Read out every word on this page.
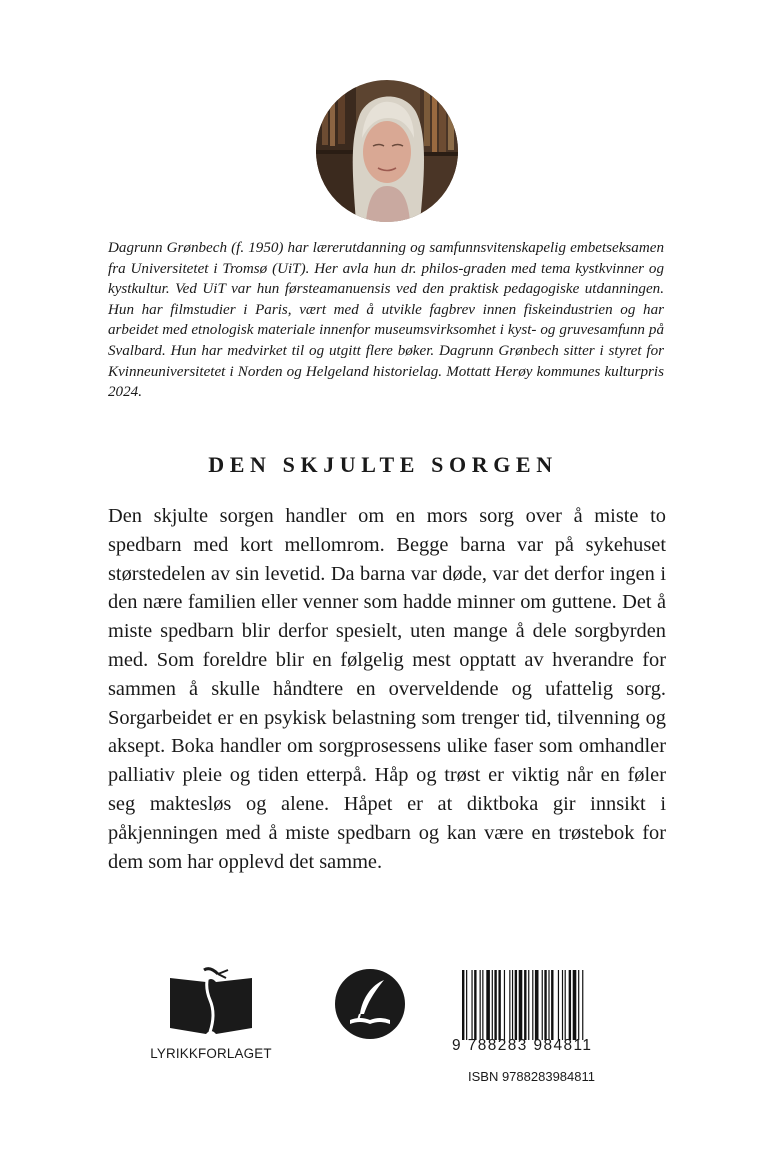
Dagrunn Grønbech (f. 1950) har lærerutdanning og samfunnsvitenskapelig embetseksamen fra Universitetet i Tromsø (UiT). Her avla hun dr. philos-graden med tema kystkvinner og kystkultur. Ved UiT var hun førsteamanuensis ved den praktisk pedagogiske utdanningen. Hun har filmstudier i Paris, vært med å utvikle fagbrev innen fiskeindustrien og har arbeidet med etnologisk materiale innenfor museumsvirksomhet i kyst- og gruvesamfunn på Svalbard. Hun har medvirket til og utgitt flere bøker. Dagrunn Grønbech sitter i styret for Kvinneuniversitetet i Norden og Helgeland historielag. Mottatt Herøy kommunes kulturpris 2024.

DEN SKJULTE SORGEN

Den skjulte sorgen handler om en mors sorg over å miste to spedbarn med kort mellomrom. Begge barna var på sykehuset størstedelen av sin levetid. Da barna var døde, var det derfor ingen i den nære familien eller venner som hadde minner om guttene. Det å miste spedbarn blir derfor spesielt, uten mange å dele sorgbyrden med. Som foreldre blir en følgelig mest opptatt av hverandre for sammen å skulle håndtere en overveldende og ufattelig sorg. Sorgarbeidet er en psykisk belastning som trenger tid, tilvenning og aksept. Boka handler om sorgprosessens ulike faser som omhandler palliativ pleie og tiden etterpå. Håp og trøst er viktig når en føler seg maktesløs og alene. Håpet er at diktboka gir innsikt i påkjenningen med å miste spedbarn og kan være en trøstebok for dem som har opplevd det samme.

LYRIKKFORLAGET	9 788283 984811
ISBN 9788283984811
